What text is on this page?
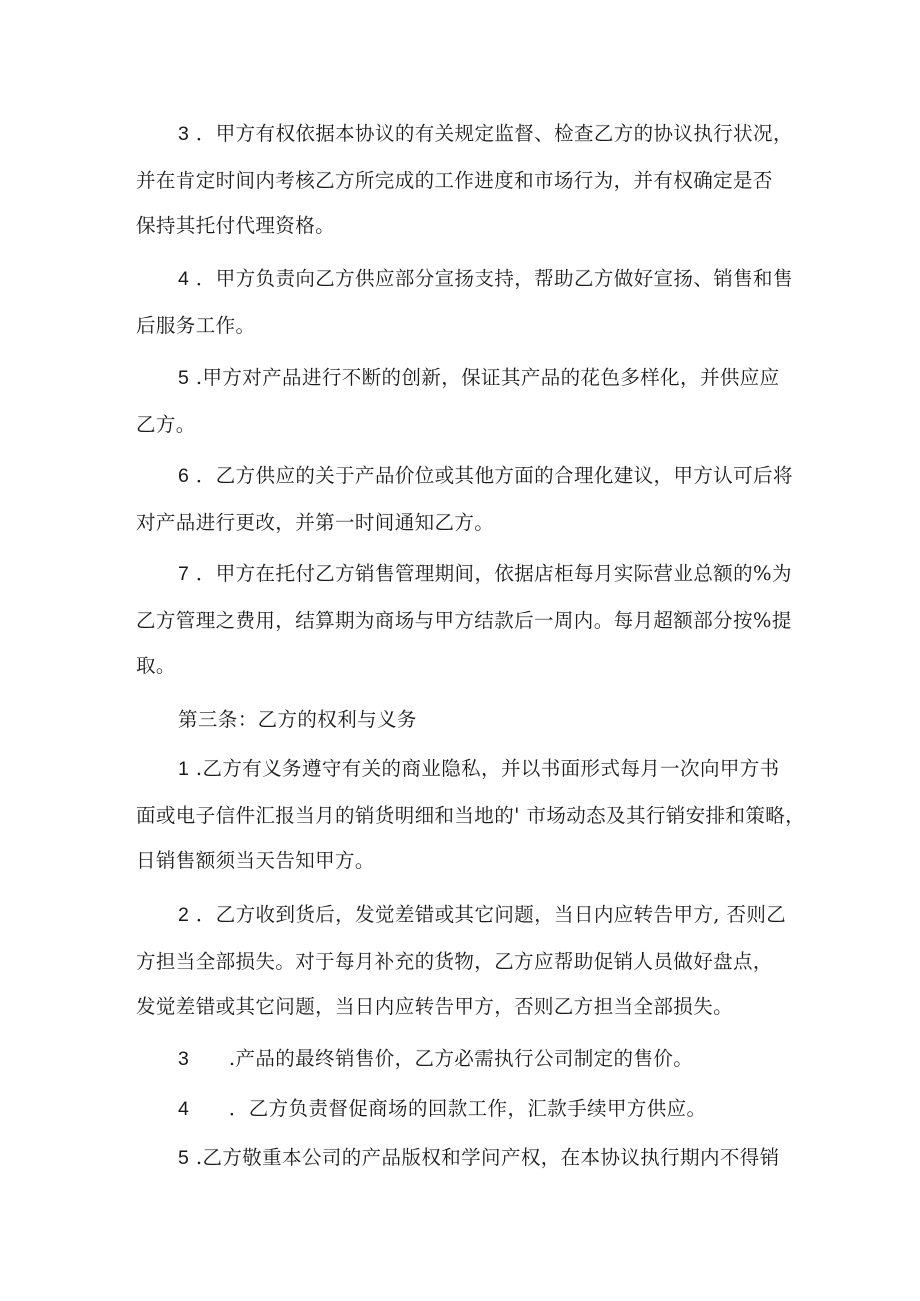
3 ．甲方有权依据本协议的有关规定监督、检查乙方的协议执行状况，
并在肯定时间内考核乙方所完成的工作进度和市场行为，并有权确定是否
保持其托付代理资格。
4 ．甲方负责向乙方供应部分宣扬支持，帮助乙方做好宣扬、销售和售
后服务工作。
5 .甲方对产品进行不断的创新，保证其产品的花色多样化，并供应应
乙方。
6 ．乙方供应的关于产品价位或其他方面的合理化建议，甲方认可后将
对产品进行更改，并第一时间通知乙方。
7 ．甲方在托付乙方销售管理期间，依据店柜每月实际营业总额的%为
乙方管理之费用，结算期为商场与甲方结款后一周内。每月超额部分按%提
取。
第三条：乙方的权利与义务
1 .乙方有义务遵守有关的商业隐私，并以书面形式每月一次向甲方书
面或电子信件汇报当月的销货明细和当地的' 市场动态及其行销安排和策略，
日销售额须当天告知甲方。
2 ．乙方收到货后，发觉差错或其它问题，当日内应转告甲方, 否则乙
方担当全部损失。对于每月补充的货物，乙方应帮助促销人员做好盘点，
发觉差错或其它问题，当日内应转告甲方，否则乙方担当全部损失。
3      .产品的最终销售价，乙方必需执行公司制定的售价。
4      ．乙方负责督促商场的回款工作，汇款手续甲方供应。
5 .乙方敬重本公司的产品版权和学问产权，在本协议执行期内不得销
